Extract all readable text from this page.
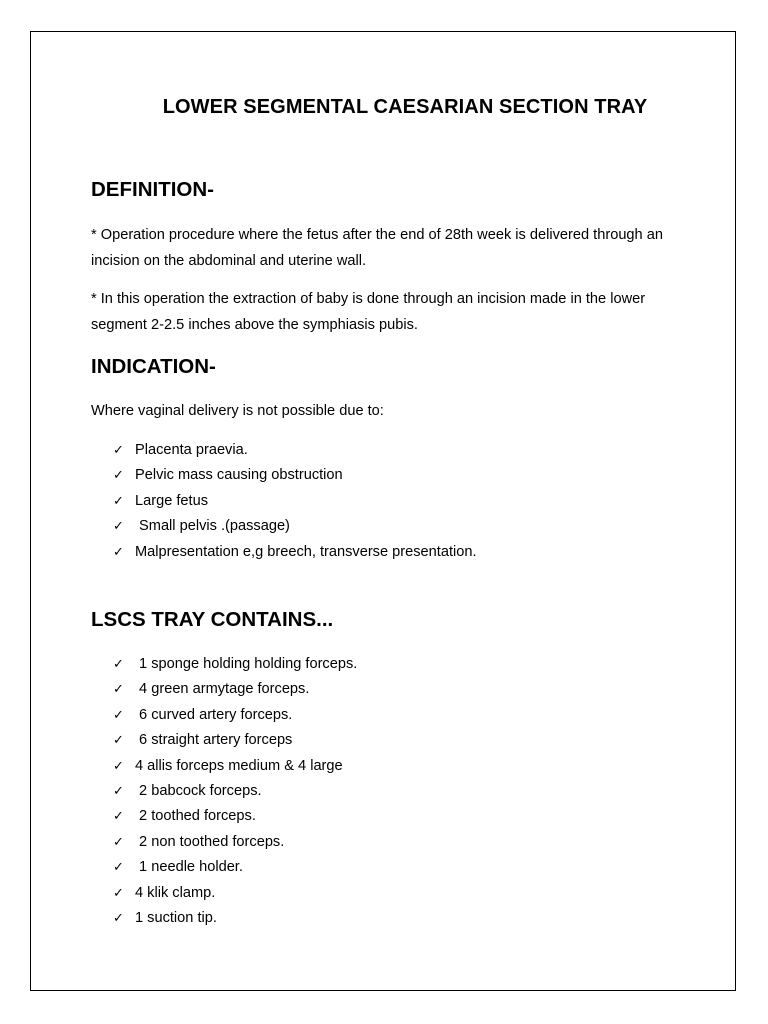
LOWER SEGMENTAL CAESARIAN SECTION TRAY
DEFINITION-

* Operation procedure where the fetus after the end of 28th week is delivered through an incision on the abdominal and uterine wall.

* In this operation the extraction of baby is done through an incision made in the lower segment 2-2.5 inches above the symphiasis pubis.

INDICATION-

Where vaginal delivery is not possible due to:

✓ Placenta praevia.
✓ Pelvic mass causing obstruction
✓ Large fetus
✓ Small pelvis .(passage)
✓ Malpresentation e,g breech, transverse presentation.
LSCS TRAY CONTAINS...
✓ 1 sponge holding holding forceps.
✓ 4 green armytage forceps.
✓ 6 curved artery forceps.
✓ 6 straight artery forceps
✓ 4 allis forceps medium & 4 large
✓ 2 babcock forceps.
✓ 2 toothed forceps.
✓ 2 non toothed forceps.
✓ 1 needle holder.
✓ 4 klik clamp.
✓ 1 suction tip.
